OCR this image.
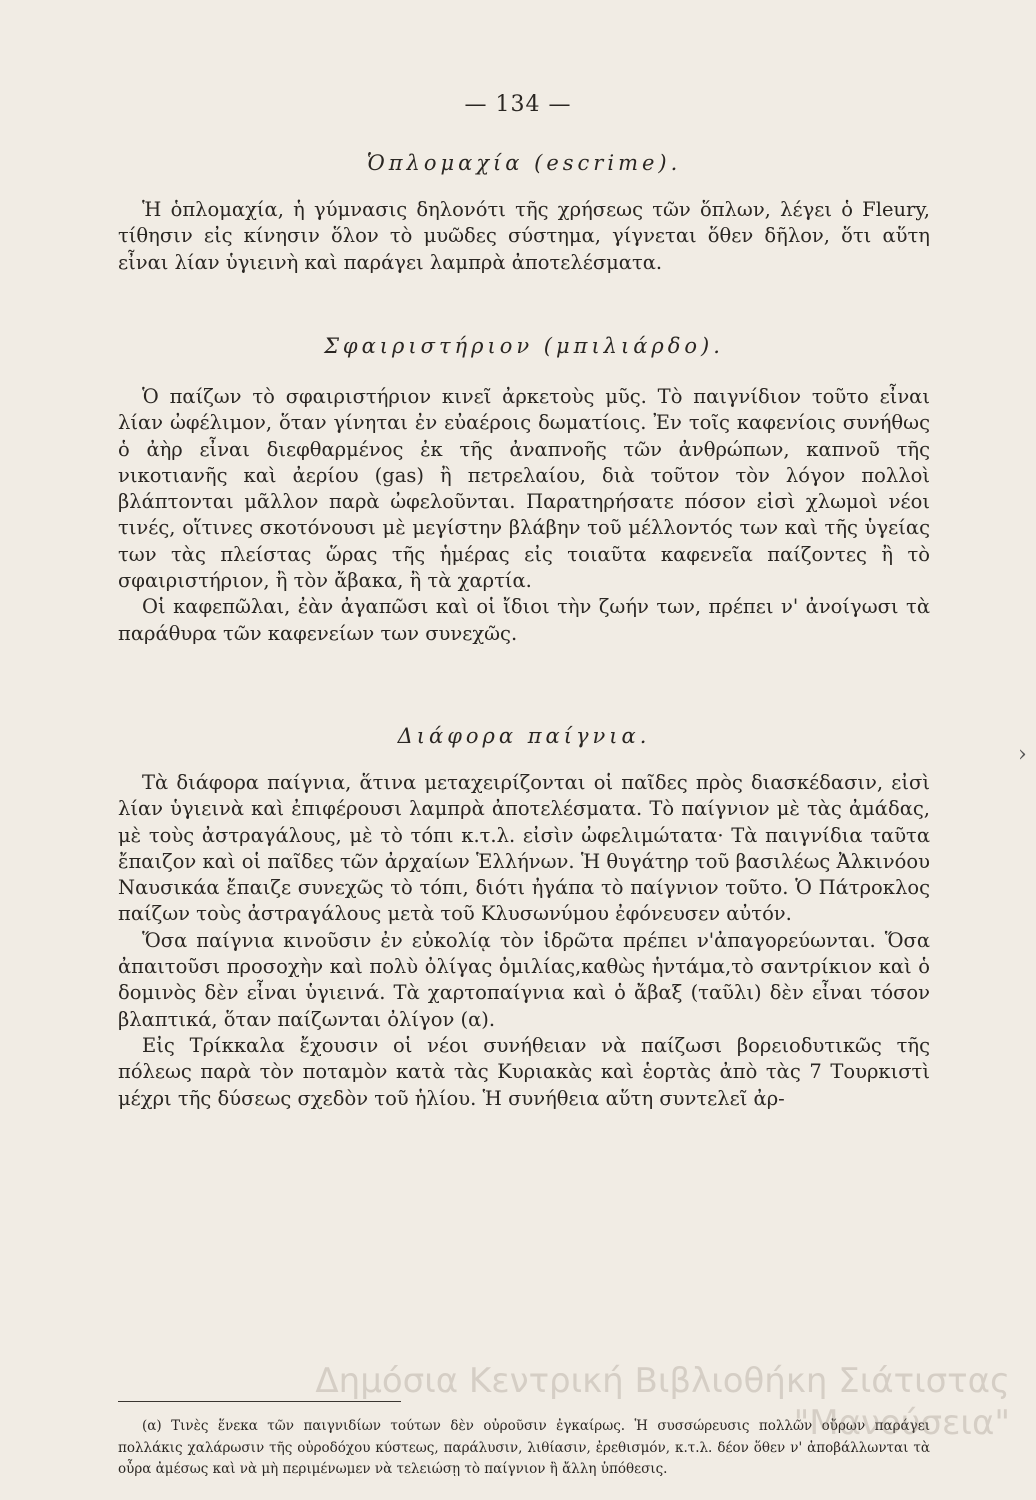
— 134 —
Ὁπλομαχία (escrime).

Ἡ ὁπλομαχία, ἡ γύμνασις δηλονότι τῆς χρήσεως τῶν ὅπλων, λέγει ὁ Fleury, τίθησιν εἰς κίνησιν ὅλον τὸ μυῶδες σύστημα, γίγνεται ὅθεν δῆλον, ὅτι αὕτη εἶναι λίαν ὑγιεινὴ καὶ παράγει λαμπρὰ ἀποτελέσματα.

Σφαιριστήριον (μπιλιάρδο).

Ὁ παίζων τὸ σφαιριστήριον κινεῖ ἀρκετοὺς μῦς. Τὸ παιγνίδιον τοῦτο εἶναι λίαν ὠφέλιμον, ὅταν γίνηται ἐν εὐαέροις δωματίοις. Ἐν τοῖς καφενίοις συνήθως ὁ ἀὴρ εἶναι διεφθαρμένος ἐκ τῆς ἀναπνοῆς τῶν ἀνθρώπων, καπνοῦ τῆς νικοτιανῆς καὶ ἀερίου (gas) ἢ πετρελαίου, διὰ τοῦτον τὸν λόγον πολλοὶ βλάπτονται μᾶλλον παρὰ ὠφελοῦνται. Παρατηρήσατε πόσον εἰσὶ χλωμοὶ νέοι τινές, οἵτινες σκοτόνουσι μὲ μεγίστην βλάβην τοῦ μέλλοντός των καὶ τῆς ὑγείας των τὰς πλείστας ὥρας τῆς ἡμέρας εἰς τοιαῦτα καφενεῖα παίζοντες ἢ τὸ σφαιριστήριον, ἢ τὸν ἄβακα, ἢ τὰ χαρτία.

Οἱ καφεπῶλαι, ἐὰν ἀγαπῶσι καὶ οἱ ἴδιοι τὴν ζωήν των, πρέπει ν' ἀνοίγωσι τὰ παράθυρα τῶν καφενείων των συνεχῶς.

Διάφορα παίγνια.

Τὰ διάφορα παίγνια, ἅτινα μεταχειρίζονται οἱ παῖδες πρὸς διασκέδασιν, εἰσὶ λίαν ὑγιεινὰ καὶ ἐπιφέρουσι λαμπρὰ ἀποτελέσματα. Τὸ παίγνιον μὲ τὰς ἀμάδας, μὲ τοὺς ἀστραγάλους, μὲ τὸ τόπι κ.τ.λ. εἰσὶν ὠφελιμώτατα· Τὰ παιγνίδια ταῦτα ἔπαιζον καὶ οἱ παῖδες τῶν ἀρχαίων Ἑλλήνων. Ἡ θυγάτηρ τοῦ βασιλέως Ἀλκινόου Ναυσικάα ἔπαιζε συνεχῶς τὸ τόπι, διότι ἠγάπα τὸ παίγνιον τοῦτο. Ὁ Πάτροκλος παίζων τοὺς ἀστραγάλους μετὰ τοῦ Κλυσωνύμου ἐφόνευσεν αὐτόν.

Ὅσα παίγνια κινοῦσιν ἐν εὐκολίᾳ τὸν ἱδρῶτα πρέπει ν'ἀπαγορεύωνται. Ὅσα ἀπαιτοῦσι προσοχὴν καὶ πολὺ ὀλίγας ὁμιλίας,καθὼς ἡντάμα,τὸ σαντρίκιον καὶ ὁ δομινὸς δὲν εἶναι ὑγιεινά. Τὰ χαρτοπαίγνια καὶ ὁ ἄβαξ (ταῦλι) δὲν εἶναι τόσον βλαπτικά, ὅταν παίζωνται ὀλίγον (α).

Εἰς Τρίκκαλα ἔχουσιν οἱ νέοι συνήθειαν νὰ παίζωσι βορειοδυτικῶς τῆς πόλεως παρὰ τὸν ποταμὸν κατὰ τὰς Κυριακὰς καὶ ἑορτὰς ἀπὸ τὰς 7 Τουρκιστὶ μέχρι τῆς δύσεως σχεδὸν τοῦ ἡλίου. Ἡ συνήθεια αὕτη συντελεῖ ἀρ-

(α) Τινὲς ἕνεκα τῶν παιγνιδίων τούτων δὲν οὐροῦσιν ἐγκαίρως. Ἡ συσσώρευσις πολλῶν οὔρων παράγει πολλάκις χαλάρωσιν τῆς οὐροδόχου κύστεως, παράλυσιν, λιθίασιν, ἐρεθισμόν, κ.τ.λ. δέον ὅθεν ν' ἀποβάλλωνται τὰ οὖρα ἀμέσως καὶ νὰ μὴ περιμένωμεν νὰ τελειώσῃ τὸ παίγνιον ἢ ἄλλη ὑπόθεσις.
Δημόσια Κεντρική Βιβλιοθήκη Σιάτιστας "Μανούσεια"
›
